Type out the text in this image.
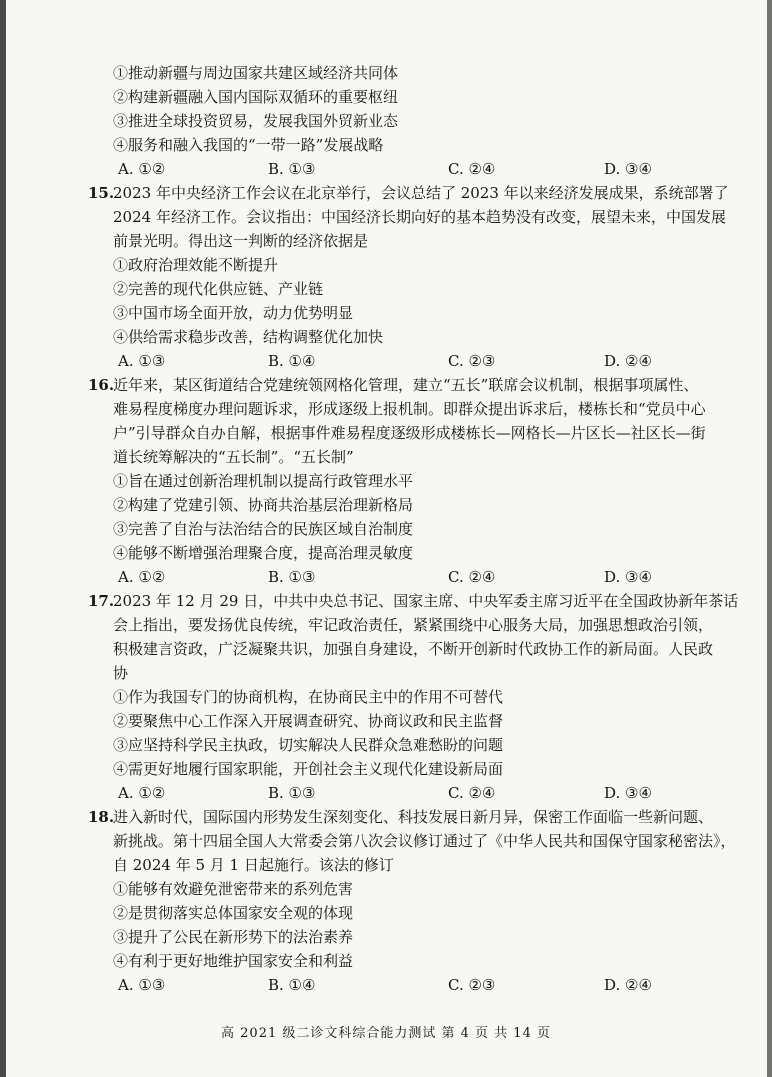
①推动新疆与周边国家共建区域经济共同体
②构建新疆融入国内国际双循环的重要枢纽
③推进全球投资贸易，发展我国外贸新业态
④服务和融入我国的“一带一路”发展战略
A. ①②	B. ①③	C. ②④	D. ③④
15.
2023 年中央经济工作会议在北京举行，会议总结了 2023 年以来经济发展成果，系统部署了
2024 年经济工作。会议指出：中国经济长期向好的基本趋势没有改变，展望未来，中国发展
前景光明。得出这一判断的经济依据是
①政府治理效能不断提升
②完善的现代化供应链、产业链
③中国市场全面开放，动力优势明显
④供给需求稳步改善，结构调整优化加快
A. ①③	B. ①④	C. ②③	D. ②④
16.
近年来，某区街道结合党建统领网格化管理，建立“五长”联席会议机制，根据事项属性、
难易程度梯度办理问题诉求，形成逐级上报机制。即群众提出诉求后，楼栋长和“党员中心
户”引导群众自办自解，根据事件难易程度逐级形成楼栋长—网格长—片区长—社区长—街
道长统筹解决的“五长制”。“五长制”
①旨在通过创新治理机制以提高行政管理水平
②构建了党建引领、协商共治基层治理新格局
③完善了自治与法治结合的民族区域自治制度
④能够不断增强治理聚合度，提高治理灵敏度
A. ①②	B. ①③	C. ②④	D. ③④
17.
2023 年 12 月 29 日，中共中央总书记、国家主席、中央军委主席习近平在全国政协新年茶话
会上指出，要发扬优良传统，牢记政治责任，紧紧围绕中心服务大局，加强思想政治引领，
积极建言资政，广泛凝聚共识，加强自身建设，不断开创新时代政协工作的新局面。人民政
协
①作为我国专门的协商机构，在协商民主中的作用不可替代
②要聚焦中心工作深入开展调查研究、协商议政和民主监督
③应坚持科学民主执政，切实解决人民群众急难愁盼的问题
④需更好地履行国家职能，开创社会主义现代化建设新局面
A. ①②	B. ①③	C. ②④	D. ③④
18.
进入新时代，国际国内形势发生深刻变化、科技发展日新月异，保密工作面临一些新问题、
新挑战。第十四届全国人大常委会第八次会议修订通过了《中华人民共和国保守国家秘密法》，
自 2024 年 5 月 1 日起施行。该法的修订
①能够有效避免泄密带来的系列危害
②是贯彻落实总体国家安全观的体现
③提升了公民在新形势下的法治素养
④有利于更好地维护国家安全和利益
A. ①③	B. ①④	C. ②③	D. ②④
高 2021 级二诊文科综合能力测试 第 4 页 共 14 页
